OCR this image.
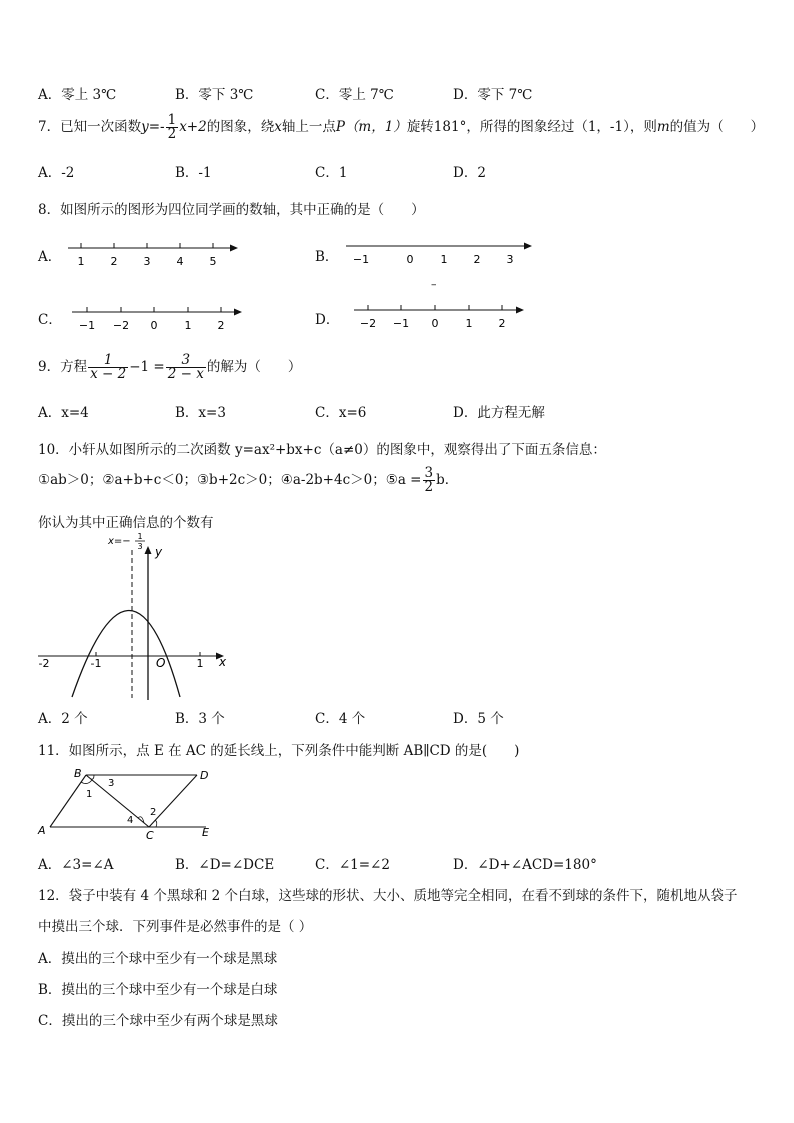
A．零上 3℃	B．零下 3℃	C．零上 7℃	D．零下 7℃
7．已知一次函数$y=- \frac{1}{2} x+2$的图象，绕x轴上一点P（m，1）旋转181°，所得的图象经过（1，-1），则m的值为（　　）
A．-2	B．-1	C．1	D．2
8．如图所示的图形为四位同学画的数轴，其中正确的是（　　）
A．	B．
C．	D．
1 2 3 4 5	−1	0 1 2 3
–
−1 −2 0 1 2	−2 −1 0 1 2
9．方程 $\frac{1}{x - 2} -1 = \frac{3}{2 - x}$ 的解为（　　）
A．x=4	B．x=3	C．x=6	D．此方程无解
10．小轩从如图所示的二次函数 y=ax²+bx+c（a≠0）的图象中，观察得出了下面五条信息：
①ab＞0；②a+b+c＜0；③b+2c＞0；④a-2b+4c＞0；⑤a = $\frac{3}{2}$ b．
你认为其中正确信息的个数有
-2	-1	1
O	x
y
x=− 1
3
A．2 个	B．3 个	C．4 个	D．5 个
11．如图所示，点 E 在 AC 的延长线上，下列条件中能判断 AB∥CD 的是(　　)
B	D
A	C	E
1
2
3
4
A．∠3=∠A	B．∠D=∠DCE	C．∠1=∠2	D．∠D+∠ACD=180°
12．袋子中装有 4 个黑球和 2 个白球，这些球的形状、大小、质地等完全相同，在看不到球的条件下，随机地从袋子
中摸出三个球．下列事件是必然事件的是（ ）
A．摸出的三个球中至少有一个球是黑球
B．摸出的三个球中至少有一个球是白球
C．摸出的三个球中至少有两个球是黑球
